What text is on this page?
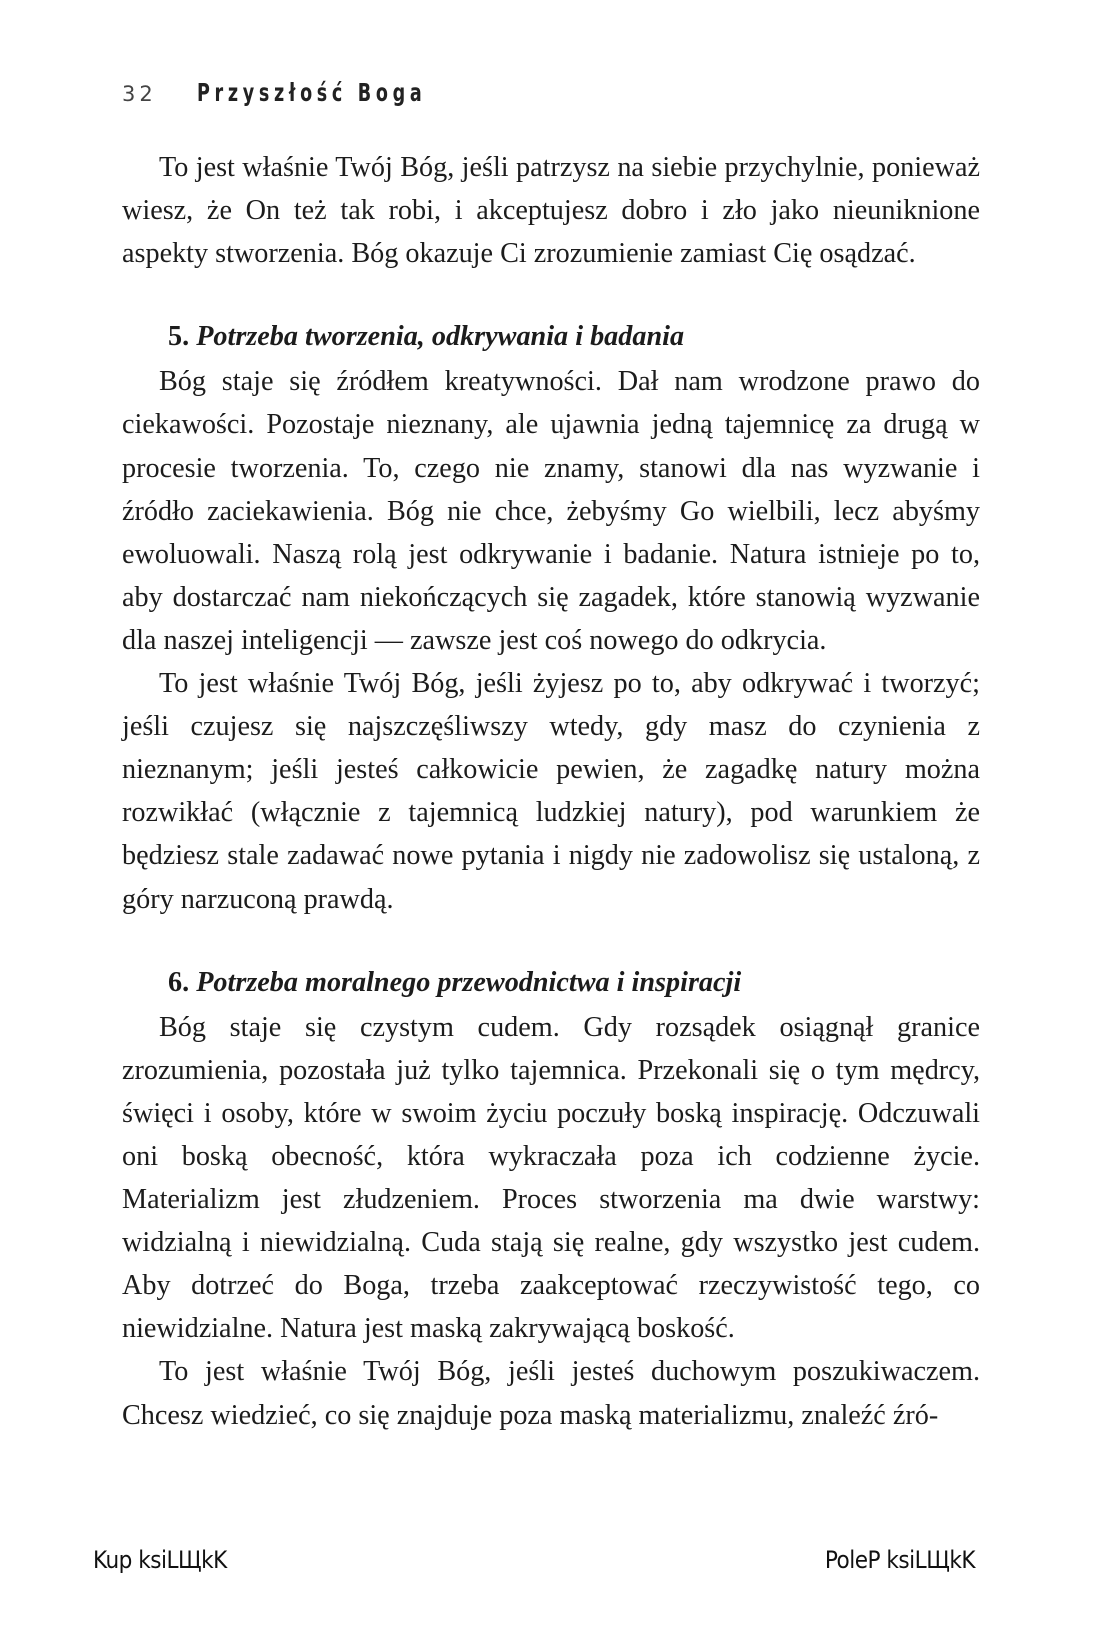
32 Przyszłość Boga

To jest właśnie Twój Bóg, jeśli patrzysz na siebie przychylnie, ponieważ wiesz, że On też tak robi, i akceptujesz dobro i zło jako nieuniknione aspekty stworzenia. Bóg okazuje Ci zrozumienie zamiast Cię osądzać.

5. Potrzeba tworzenia, odkrywania i badania

Bóg staje się źródłem kreatywności. Dał nam wrodzone prawo do ciekawości. Pozostaje nieznany, ale ujawnia jedną tajemnicę za drugą w procesie tworzenia. To, czego nie znamy, stanowi dla nas wyzwanie i źródło zaciekawienia. Bóg nie chce, żebyśmy Go wielbili, lecz abyśmy ewoluowali. Naszą rolą jest odkrywanie i badanie. Natura istnieje po to, aby dostarczać nam niekończących się zagadek, które stanowią wyzwanie dla naszej inteligencji — zawsze jest coś nowego do odkrycia.

To jest właśnie Twój Bóg, jeśli żyjesz po to, aby odkrywać i tworzyć; jeśli czujesz się najszczęśliwszy wtedy, gdy masz do czynienia z nieznanym; jeśli jesteś całkowicie pewien, że zagadkę natury można rozwikłać (włącznie z tajemnicą ludzkiej natury), pod warunkiem że będziesz stale zadawać nowe pytania i nigdy nie zadowolisz się ustaloną, z góry narzuconą prawdą.

6. Potrzeba moralnego przewodnictwa i inspiracji

Bóg staje się czystym cudem. Gdy rozsądek osiągnął granice zrozumienia, pozostała już tylko tajemnica. Przekonali się o tym mędrcy, święci i osoby, które w swoim życiu poczuły boską inspirację. Odczuwali oni boską obecność, która wykraczała poza ich codzienne życie. Materializm jest złudzeniem. Proces stworzenia ma dwie warstwy: widzialną i niewidzialną. Cuda stają się realne, gdy wszystko jest cudem. Aby dotrzeć do Boga, trzeba zaakceptować rzeczywistość tego, co niewidzialne. Natura jest maską zakrywającą boskość.

To jest właśnie Twój Bóg, jeśli jesteś duchowym poszukiwaczem. Chcesz wiedzieć, co się znajduje poza maską materializmu, znaleźć źró-

Kup ksiLЩkK	PoleP ksiLЩkK
